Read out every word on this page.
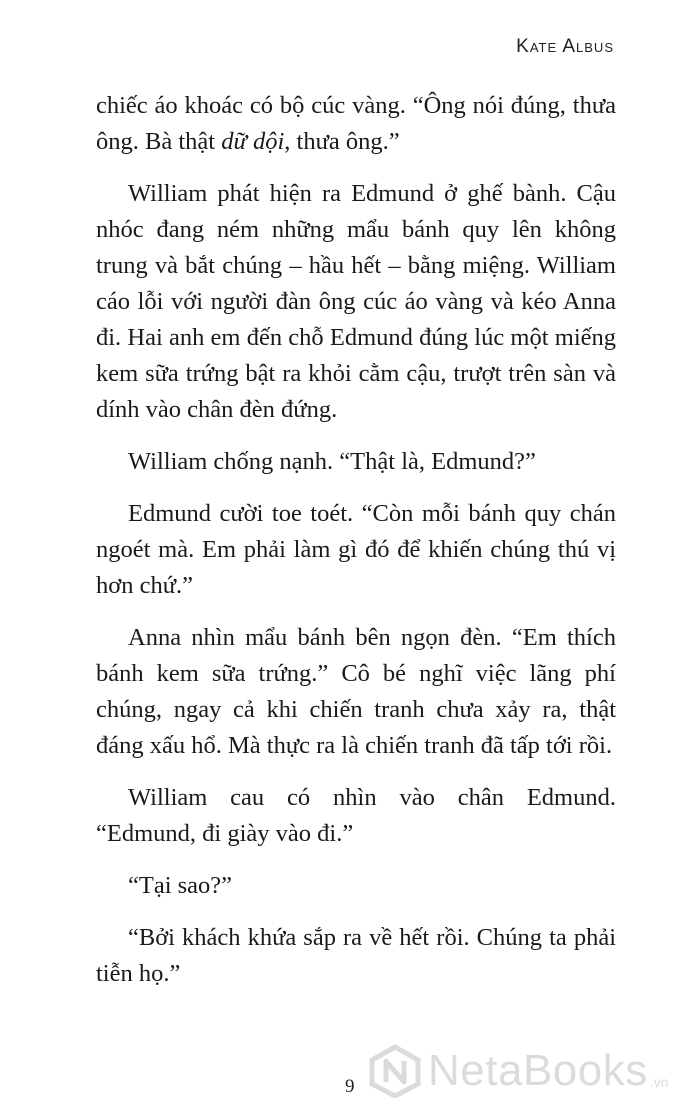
Kate Albus

chiếc áo khoác có bộ cúc vàng. “Ông nói đúng, thưa ông. Bà thật dữ dội, thưa ông.”

William phát hiện ra Edmund ở ghế bành. Cậu nhóc đang ném những mẩu bánh quy lên không trung và bắt chúng – hầu hết – bằng miệng. William cáo lỗi với người đàn ông cúc áo vàng và kéo Anna đi. Hai anh em đến chỗ Edmund đúng lúc một miếng kem sữa trứng bật ra khỏi cằm cậu, trượt trên sàn và dính vào chân đèn đứng.

William chống nạnh. “Thật là, Edmund?”

Edmund cười toe toét. “Còn mỗi bánh quy chán ngoét mà. Em phải làm gì đó để khiến chúng thú vị hơn chứ.”

Anna nhìn mẩu bánh bên ngọn đèn. “Em thích bánh kem sữa trứng.” Cô bé nghĩ việc lãng phí chúng, ngay cả khi chiến tranh chưa xảy ra, thật đáng xấu hổ. Mà thực ra là chiến tranh đã tấp tới rồi.

William cau có nhìn vào chân Edmund. “Edmund, đi giày vào đi.”

“Tại sao?”

“Bởi khách khứa sắp ra về hết rồi. Chúng ta phải tiễn họ.”

9 NetaBooks .vn
